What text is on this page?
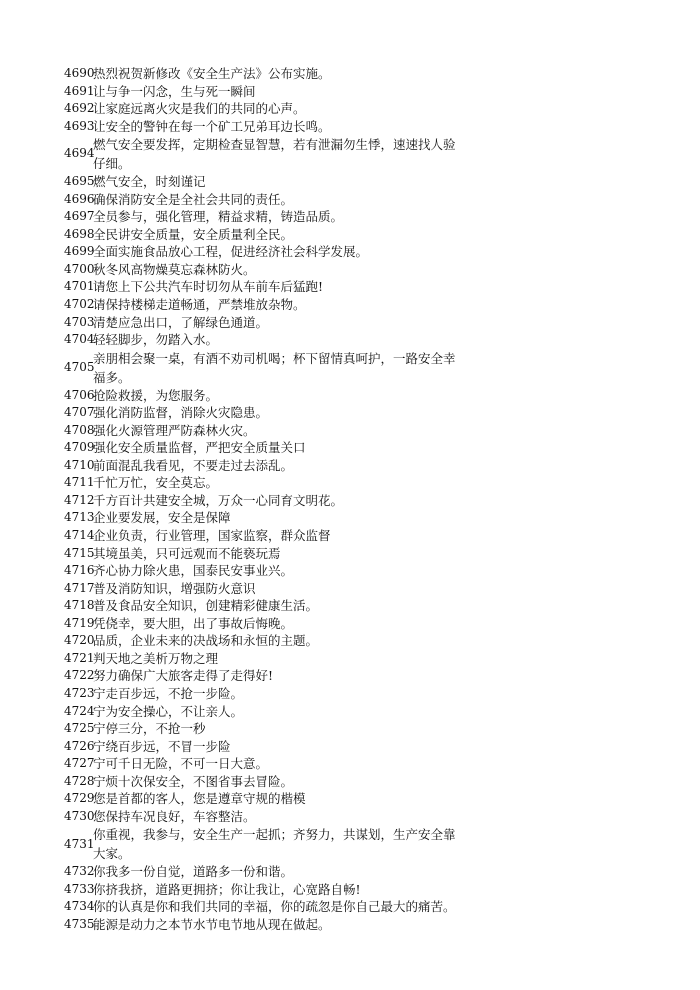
4690
热烈祝贺新修改《安全生产法》公布实施。
4691
让与争一闪念，生与死一瞬间
4692
让家庭远离火灾是我们的共同的心声。
4693
让安全的警钟在每一个矿工兄弟耳边长鸣。
4694
燃气安全要发挥，定期检查显智慧，若有泄漏勿生悸，速速找人验仔细。
4695
燃气安全，时刻谨记
4696
确保消防安全是全社会共同的责任。
4697
全员参与，强化管理，精益求精，铸造品质。
4698
全民讲安全质量，安全质量利全民。
4699
全面实施食品放心工程，促进经济社会科学发展。
4700
秋冬风高物燥莫忘森林防火。
4701
请您上下公共汽车时切勿从车前车后猛跑!
4702
请保持楼梯走道畅通，严禁堆放杂物。
4703
清楚应急出口，了解绿色通道。
4704
轻轻脚步，勿踏入水。
4705
亲朋相会聚一桌，有酒不劝司机喝；杯下留情真呵护，一路安全幸福多。
4706
抢险救援，为您服务。
4707
强化消防监督，消除火灾隐患。
4708
强化火源管理严防森林火灾。
4709
强化安全质量监督，严把安全质量关口
4710
前面混乱我看见，不要走过去添乱。
4711
千忙万忙，安全莫忘。
4712
千方百计共建安全城，万众一心同育文明花。
4713
企业要发展，安全是保障
4714
企业负责，行业管理，国家监察，群众监督
4715
其境虽美，只可远观而不能亵玩焉
4716
齐心协力除火患，国泰民安事业兴。
4717
普及消防知识，增强防火意识
4718
普及食品安全知识，创建精彩健康生活。
4719
凭侥幸，要大胆，出了事故后悔晚。
4720
品质，企业未来的决战场和永恒的主题。
4721
判天地之美析万物之理
4722
努力确保广大旅客走得了走得好!
4723
宁走百步远，不抢一步险。
4724
宁为安全操心，不让亲人。
4725
宁停三分，不抢一秒
4726
宁绕百步远，不冒一步险
4727
宁可千日无险，不可一日大意。
4728
宁烦十次保安全，不图省事去冒险。
4729
您是首都的客人，您是遵章守规的楷模
4730
您保持车况良好，车容整洁。
4731
你重视，我参与，安全生产一起抓；齐努力，共谋划，生产安全靠大家。
4732
你我多一份自觉，道路多一份和谐。
4733
你挤我挤，道路更拥挤；你让我让，心宽路自畅!
4734
你的认真是你和我们共同的幸福，你的疏忽是你自己最大的痛苦。
4735
能源是动力之本节水节电节地从现在做起。
